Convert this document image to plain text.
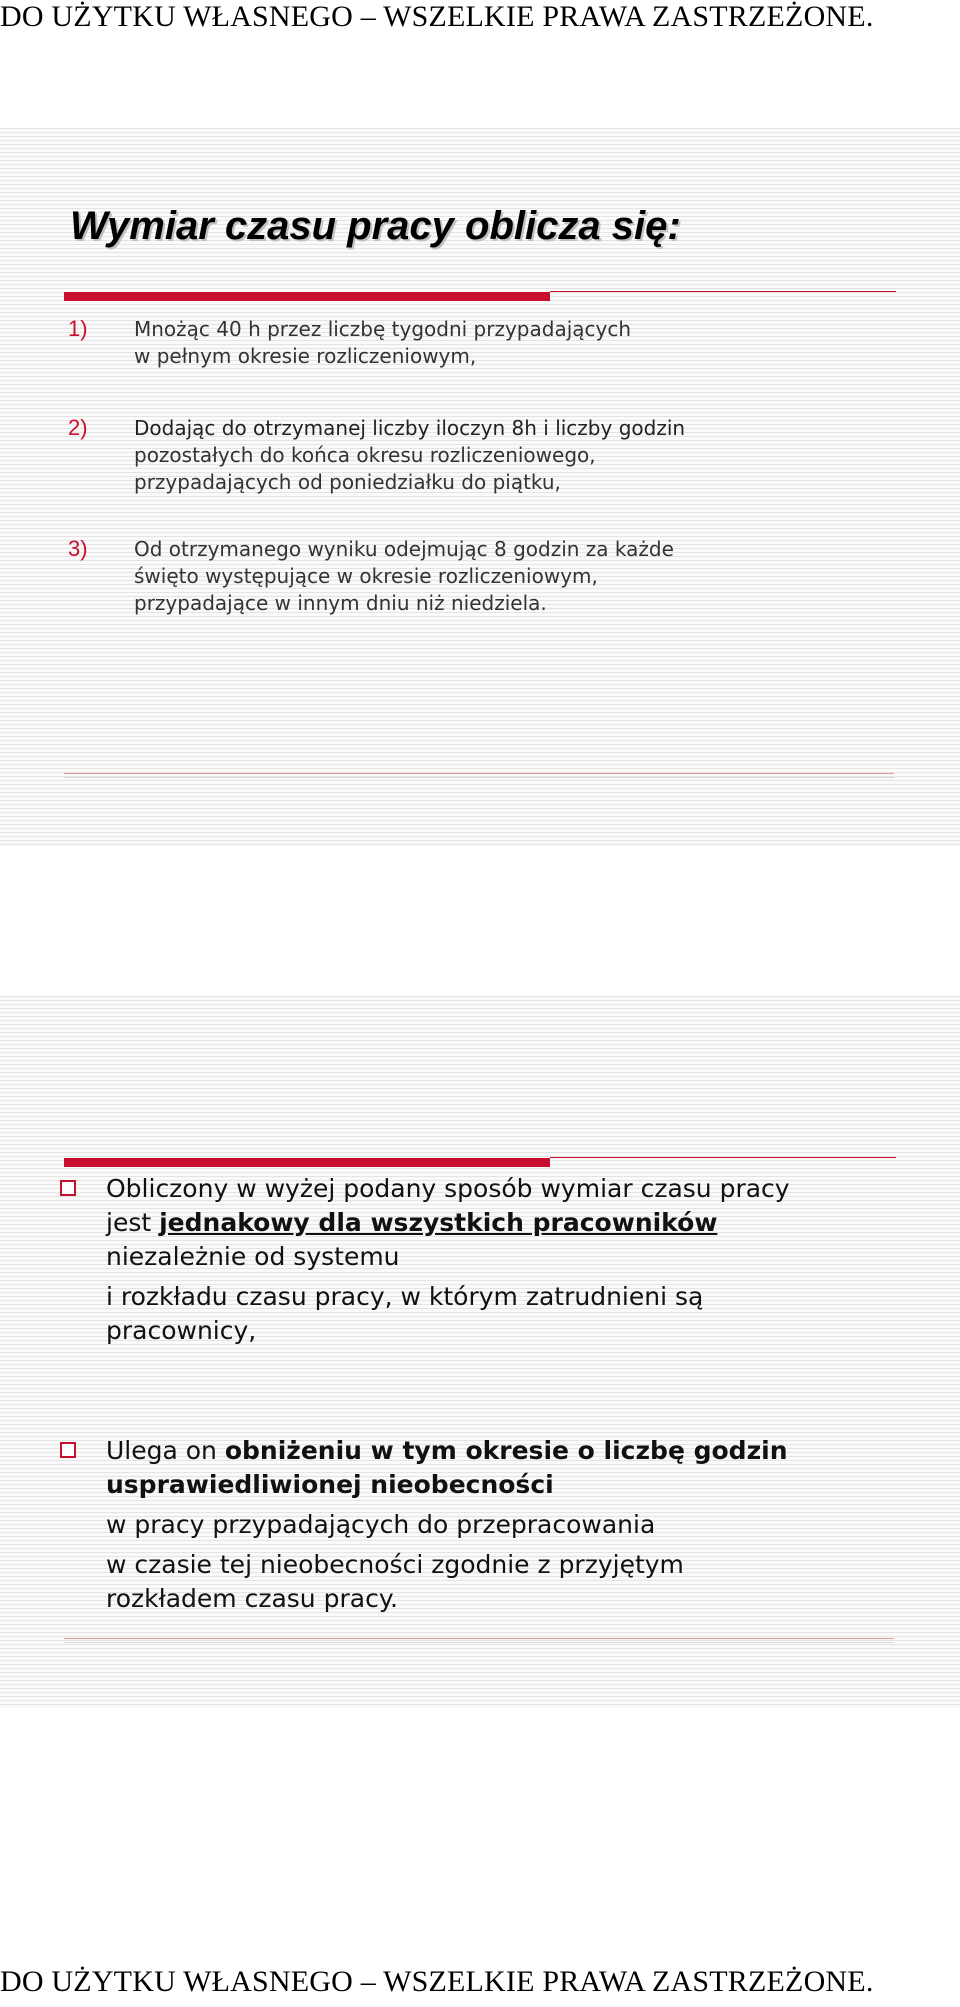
DO UŻYTKU WŁASNEGO – WSZELKIE PRAWA ZASTRZEŻONE.
Wymiar czasu pracy oblicza się:
1) Mnożąc 40 h przez liczbę tygodni przypadających
w pełnym okresie rozliczeniowym,
2) Dodając do otrzymanej liczby iloczyn 8h i liczby godzin
pozostałych do końca okresu rozliczeniowego,
przypadających od poniedziałku do piątku,
3) Od otrzymanego wyniku odejmując 8 godzin za każde
święto występujące w okresie rozliczeniowym,
przypadające w innym dniu niż niedziela.
Obliczony w wyżej podany sposób wymiar czasu pracy
jest jednakowy dla wszystkich pracowników
niezależnie od systemu
i rozkładu czasu pracy, w którym zatrudnieni są
pracownicy,
Ulega on obniżeniu w tym okresie o liczbę godzin
usprawiedliwionej nieobecności
w pracy przypadających do przepracowania
w czasie tej nieobecności zgodnie z przyjętym
rozkładem czasu pracy.
DO UŻYTKU WŁASNEGO – WSZELKIE PRAWA ZASTRZEŻONE.
